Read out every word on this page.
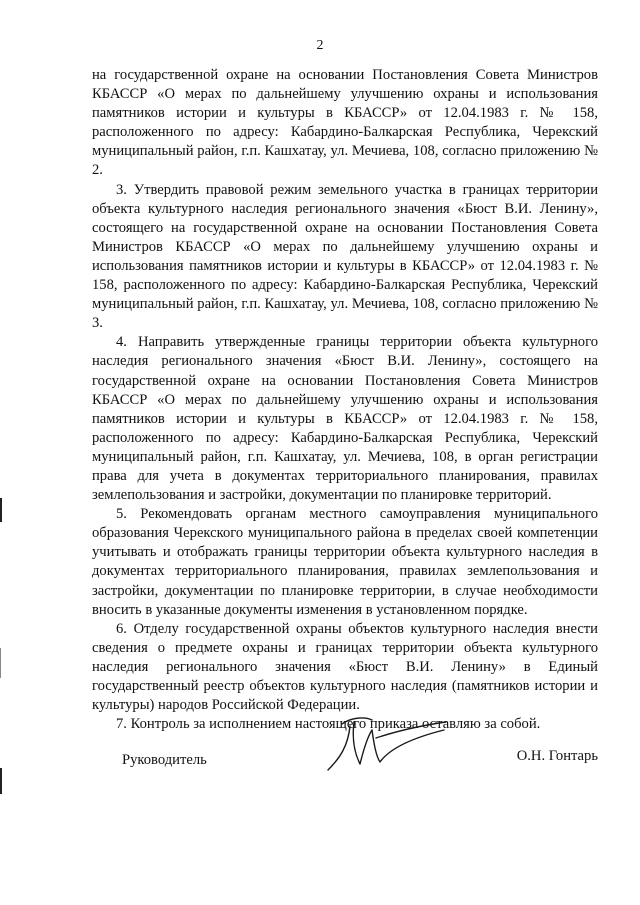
2

на государственной охране на основании Постановления Совета Министров КБАССР «О мерах по дальнейшему улучшению охраны и использования памятников истории и культуры в КБАССР» от 12.04.1983 г. № 158, расположенного по адресу: Кабардино-Балкарская Республика, Черекский муниципальный район, г.п. Кашхатау, ул. Мечиева, 108, согласно приложению № 2.

3. Утвердить правовой режим земельного участка в границах территории объекта культурного наследия регионального значения «Бюст В.И. Ленину», состоящего на государственной охране на основании Постановления Совета Министров КБАССР «О мерах по дальнейшему улучшению охраны и использования памятников истории и культуры в КБАССР» от 12.04.1983 г. № 158, расположенного по адресу: Кабардино-Балкарская Республика, Черекский муниципальный район, г.п. Кашхатау, ул. Мечиева, 108, согласно приложению № 3.

4. Направить утвержденные границы территории объекта культурного наследия регионального значения «Бюст В.И. Ленину», состоящего на государственной охране на основании Постановления Совета Министров КБАССР «О мерах по дальнейшему улучшению охраны и использования памятников истории и культуры в КБАССР» от 12.04.1983 г. № 158, расположенного по адресу: Кабардино-Балкарская Республика, Черекский муниципальный район, г.п. Кашхатау, ул. Мечиева, 108, в орган регистрации права для учета в документах территориального планирования, правилах землепользования и застройки, документации по планировке территорий.

5. Рекомендовать органам местного самоуправления муниципального образования Черекского муниципального района в пределах своей компетенции учитывать и отображать границы территории объекта культурного наследия в документах территориального планирования, правилах землепользования и застройки, документации по планировке территории, в случае необходимости вносить в указанные документы изменения в установленном порядке.

6. Отделу государственной охраны объектов культурного наследия внести сведения о предмете охраны и границах территории объекта культурного наследия регионального значения «Бюст В.И. Ленину» в Единый государственный реестр объектов культурного наследия (памятников истории и культуры) народов Российской Федерации.

7. Контроль за исполнением настоящего приказа оставляю за собой.

Руководитель	О.Н. Гонтарь
